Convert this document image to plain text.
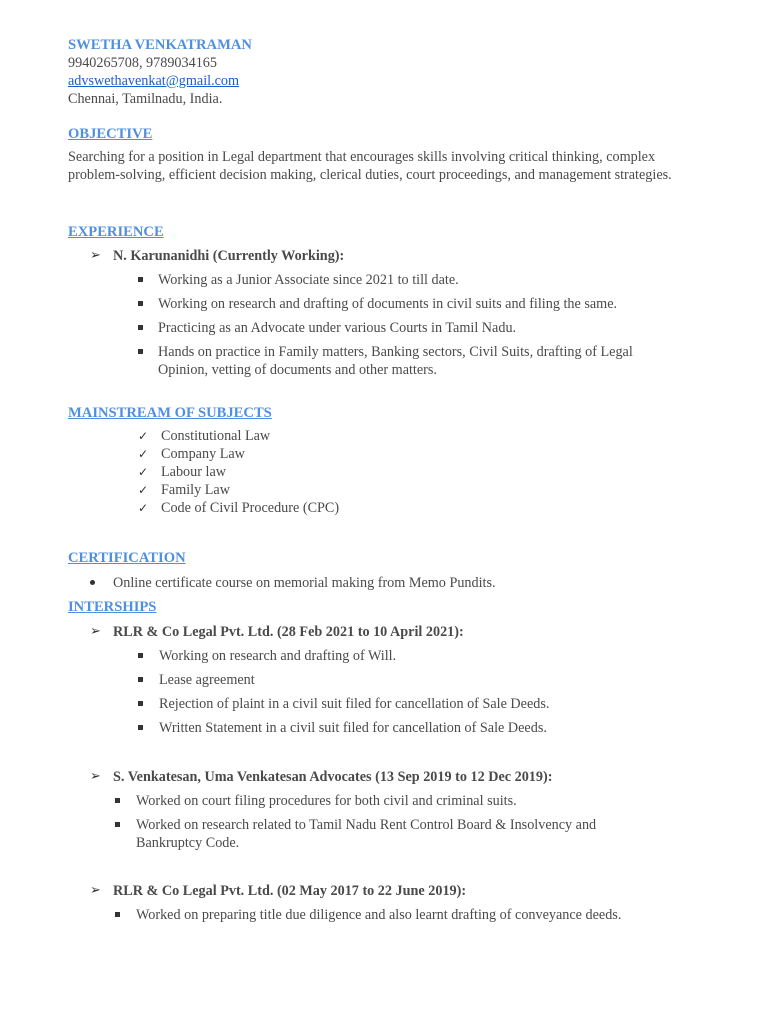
SWETHA VENKATRAMAN
9940265708, 9789034165
advswethavenkat@gmail.com
Chennai, Tamilnadu, India.
OBJECTIVE
Searching for a position in Legal department that encourages skills involving critical thinking, complex problem-solving, efficient decision making, clerical duties, court proceedings, and management strategies.
EXPERIENCE
➢ N. Karunanidhi (Currently Working):
Working as a Junior Associate since 2021 to till date.
Working on research and drafting of documents in civil suits and filing the same.
Practicing as an Advocate under various Courts in Tamil Nadu.
Hands on practice in Family matters, Banking sectors, Civil Suits, drafting of Legal Opinion, vetting of documents and other matters.
MAINSTREAM OF SUBJECTS
✓ Constitutional Law
✓ Company Law
✓ Labour law
✓ Family Law
✓ Code of Civil Procedure (CPC)
CERTIFICATION
Online certificate course on memorial making from Memo Pundits.
INTERSHIPS
➢ RLR & Co Legal Pvt. Ltd. (28 Feb 2021 to 10 April 2021):
Working on research and drafting of Will.
Lease agreement
Rejection of plaint in a civil suit filed for cancellation of Sale Deeds.
Written Statement in a civil suit filed for cancellation of Sale Deeds.
➢ S. Venkatesan, Uma Venkatesan Advocates (13 Sep 2019 to 12 Dec 2019):
Worked on court filing procedures for both civil and criminal suits.
Worked on research related to Tamil Nadu Rent Control Board & Insolvency and Bankruptcy Code.
➢ RLR & Co Legal Pvt. Ltd. (02 May 2017 to 22 June 2019):
Worked on preparing title due diligence and also learnt drafting of conveyance deeds.
